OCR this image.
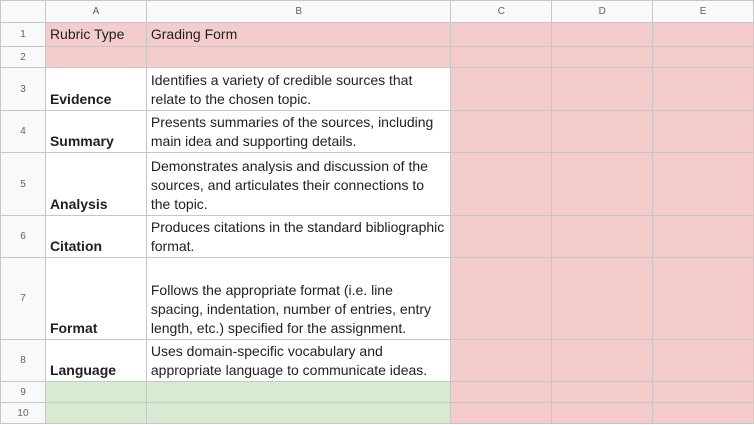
	A	B	C	D	E
1	Rubric Type	Grading Form			
2					
3	Evidence	Identifies a variety of credible sources that relate to the chosen topic.			
4	Summary	Presents summaries of the sources, including main idea and supporting details.			
5	Analysis	Demonstrates analysis and discussion of the sources, and articulates their connections to the topic.			
6	Citation	Produces citations in the standard bibliographic format.			
7	Format	Follows the appropriate format (i.e. line spacing, indentation, number of entries, entry length, etc.) specified for the assignment.			
8	Language	Uses domain-specific vocabulary and appropriate language to communicate ideas.			
9					
10					
